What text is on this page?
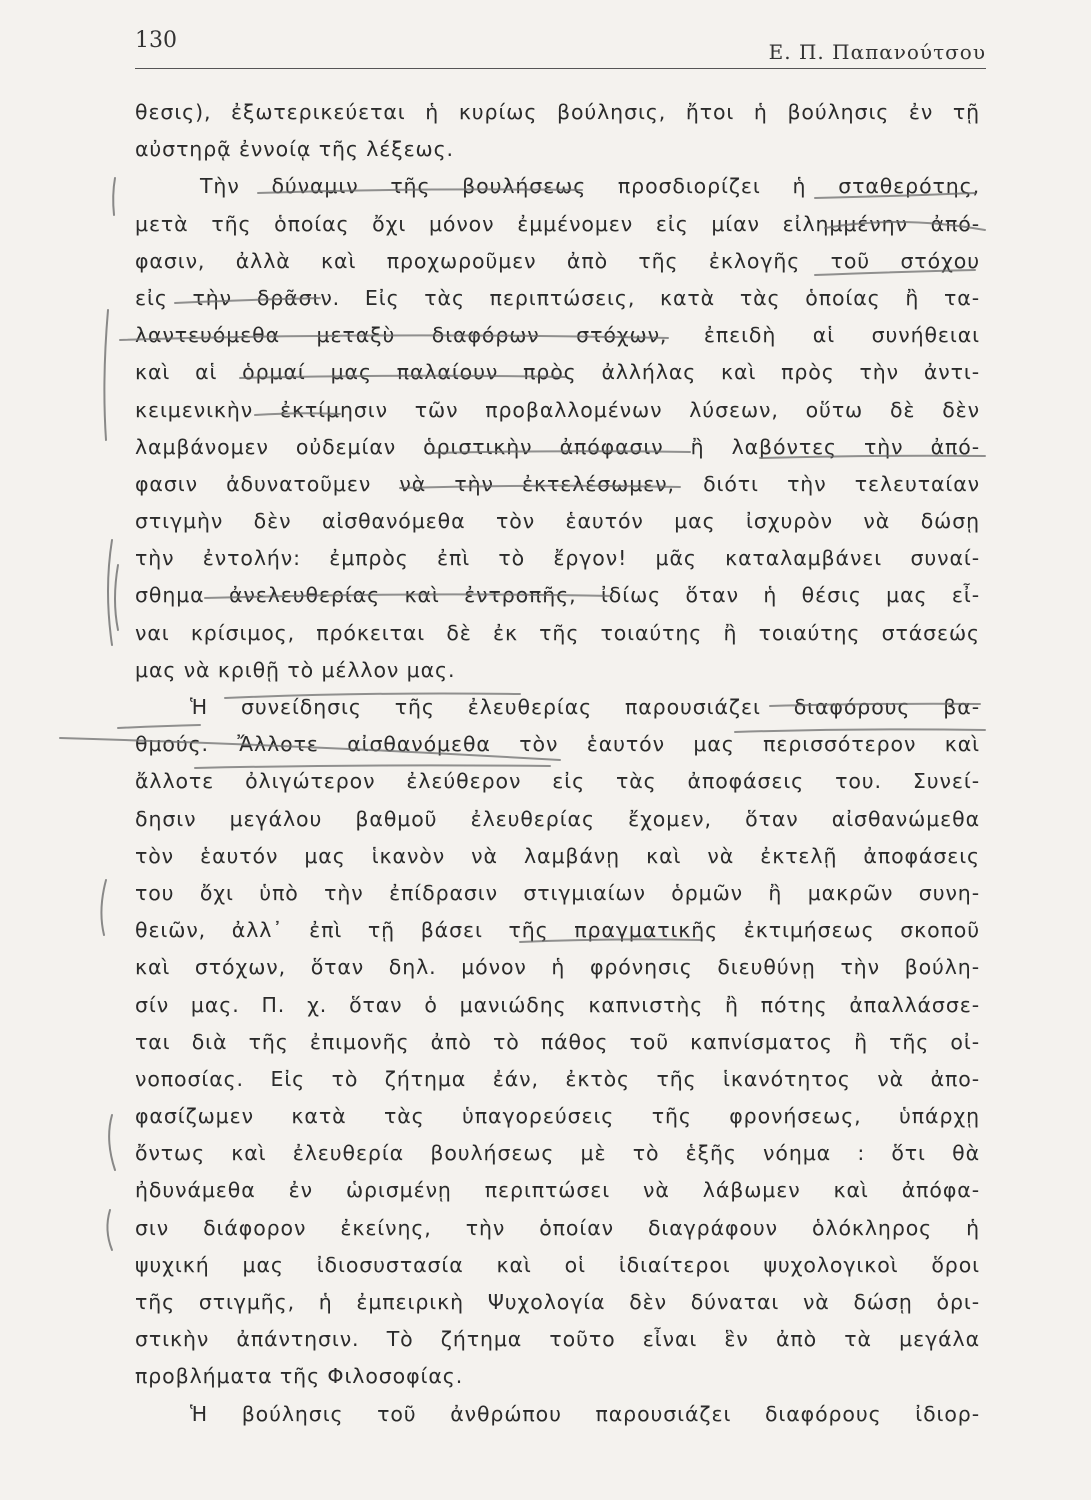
130	Ε. Π. Παπανούτσου
θεσις), ἐξωτερικεύεται ἡ κυρίως βούλησις, ἤτοι ἡ βούλησις ἐν τῇ
αὐστηρᾷ ἐννοίᾳ τῆς λέξεως.
Τὴν δύναμιν τῆς βουλήσεως προσδιορίζει ἡ σταθερότης,
μετὰ τῆς ὁποίας ὄχι μόνον ἐμμένομεν εἰς μίαν εἰλημμένην ἀπό-
φασιν, ἀλλὰ καὶ προχωροῦμεν ἀπὸ τῆς ἐκλογῆς τοῦ στόχου
εἰς τὴν δρᾶσιν. Εἰς τὰς περιπτώσεις, κατὰ τὰς ὁποίας ἢ τα-
λαντευόμεθα μεταξὺ διαφόρων στόχων, ἐπειδὴ αἱ συνήθειαι
καὶ αἱ ὁρμαί μας παλαίουν πρὸς ἀλλήλας καὶ πρὸς τὴν ἀντι-
κειμενικὴν ἐκτίμησιν τῶν προβαλλομένων λύσεων, οὕτω δὲ δὲν
λαμβάνομεν οὐδεμίαν ὁριστικὴν ἀπόφασιν ἢ λαβόντες τὴν ἀπό-
φασιν ἀδυνατοῦμεν νὰ τὴν ἐκτελέσωμεν, διότι τὴν τελευταίαν
στιγμὴν δὲν αἰσθανόμεθα τὸν ἑαυτόν μας ἰσχυρὸν νὰ δώσῃ
τὴν ἐντολήν: ἐμπρὸς ἐπὶ τὸ ἔργον! μᾶς καταλαμβάνει συναί-
σθημα ἀνελευθερίας καὶ ἐντροπῆς, ἰδίως ὅταν ἡ θέσις μας εἶ-
ναι κρίσιμος, πρόκειται δὲ ἐκ τῆς τοιαύτης ἢ τοιαύτης στάσεώς
μας νὰ κριθῇ τὸ μέλλον μας.
Ἡ συνείδησις τῆς ἐλευθερίας παρουσιάζει διαφόρους βα-
θμούς. Ἄλλοτε αἰσθανόμεθα τὸν ἑαυτόν μας περισσότερον καὶ
ἄλλοτε ὀλιγώτερον ἐλεύθερον εἰς τὰς ἀποφάσεις του. Συνεί-
δησιν μεγάλου βαθμοῦ ἐλευθερίας ἔχομεν, ὅταν αἰσθανώμεθα
τὸν ἑαυτόν μας ἱκανὸν νὰ λαμβάνῃ καὶ νὰ ἐκτελῇ ἀποφάσεις
του ὄχι ὑπὸ τὴν ἐπίδρασιν στιγμιαίων ὁρμῶν ἢ μακρῶν συνη-
θειῶν, ἀλλ᾿ ἐπὶ τῇ βάσει τῆς πραγματικῆς ἐκτιμήσεως σκοποῦ
καὶ στόχων, ὅταν δηλ. μόνον ἡ φρόνησις διευθύνῃ τὴν βούλη-
σίν μας. Π. χ. ὅταν ὁ μανιώδης καπνιστὴς ἢ πότης ἀπαλλάσσε-
ται διὰ τῆς ἐπιμονῆς ἀπὸ τὸ πάθος τοῦ καπνίσματος ἢ τῆς οἰ-
νοποσίας. Εἰς τὸ ζήτημα ἐάν, ἐκτὸς τῆς ἱκανότητος νὰ ἀπο-
φασίζωμεν κατὰ τὰς ὑπαγορεύσεις τῆς φρονήσεως, ὑπάρχῃ
ὄντως καὶ ἐλευθερία βουλήσεως μὲ τὸ ἑξῆς νόημα : ὅτι θὰ
ἠδυνάμεθα ἐν ὡρισμένῃ περιπτώσει νὰ λάβωμεν καὶ ἀπόφα-
σιν διάφορον ἐκείνης, τὴν ὁποίαν διαγράφουν ὁλόκληρος ἡ
ψυχική μας ἰδιοσυστασία καὶ οἱ ἰδιαίτεροι ψυχολογικοὶ ὅροι
τῆς στιγμῆς, ἡ ἐμπειρικὴ Ψυχολογία δὲν δύναται νὰ δώσῃ ὁρι-
στικὴν ἀπάντησιν. Τὸ ζήτημα τοῦτο εἶναι ἓν ἀπὸ τὰ μεγάλα
προβλήματα τῆς Φιλοσοφίας.
Ἡ βούλησις τοῦ ἀνθρώπου παρουσιάζει διαφόρους ἰδιορ-
